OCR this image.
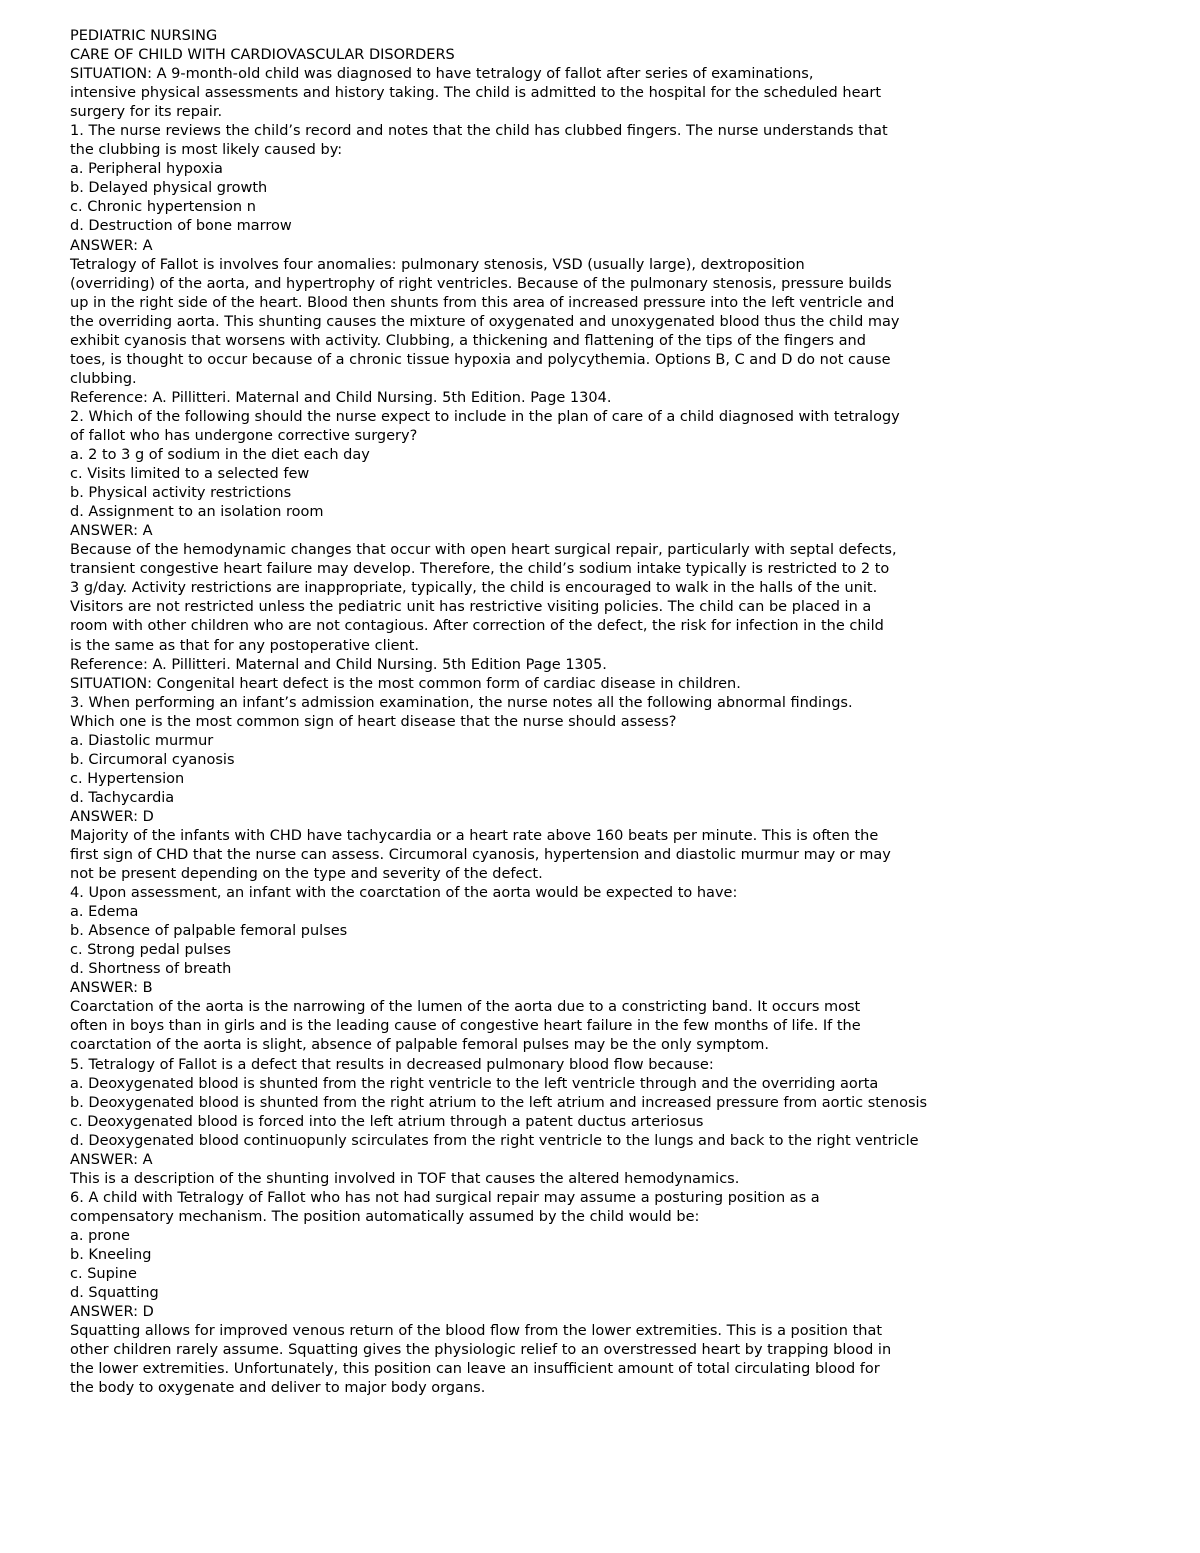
PEDIATRIC NURSING
CARE OF CHILD WITH CARDIOVASCULAR DISORDERS
SITUATION: A 9-month-old child was diagnosed to have tetralogy of fallot after series of examinations,
intensive physical assessments and history taking. The child is admitted to the hospital for the scheduled heart
surgery for its repair.
1. The nurse reviews the child’s record and notes that the child has clubbed fingers. The nurse understands that
the clubbing is most likely caused by:
a. Peripheral hypoxia
b. Delayed physical growth
c. Chronic hypertension n
d. Destruction of bone marrow
ANSWER: A
Tetralogy of Fallot is involves four anomalies: pulmonary stenosis, VSD (usually large), dextroposition
(overriding) of the aorta, and hypertrophy of right ventricles. Because of the pulmonary stenosis, pressure builds
up in the right side of the heart. Blood then shunts from this area of increased pressure into the left ventricle and
the overriding aorta. This shunting causes the mixture of oxygenated and unoxygenated blood thus the child may
exhibit cyanosis that worsens with activity. Clubbing, a thickening and flattening of the tips of the fingers and
toes, is thought to occur because of a chronic tissue hypoxia and polycythemia. Options B, C and D do not cause
clubbing.
Reference: A. Pillitteri. Maternal and Child Nursing. 5th Edition. Page 1304.
2. Which of the following should the nurse expect to include in the plan of care of a child diagnosed with tetralogy
of fallot who has undergone corrective surgery?
a. 2 to 3 g of sodium in the diet each day
c. Visits limited to a selected few
b. Physical activity restrictions
d. Assignment to an isolation room
ANSWER: A
Because of the hemodynamic changes that occur with open heart surgical repair, particularly with septal defects,
transient congestive heart failure may develop. Therefore, the child’s sodium intake typically is restricted to 2 to
3 g/day. Activity restrictions are inappropriate, typically, the child is encouraged to walk in the halls of the unit.
Visitors are not restricted unless the pediatric unit has restrictive visiting policies. The child can be placed in a
room with other children who are not contagious. After correction of the defect, the risk for infection in the child
is the same as that for any postoperative client.
Reference: A. Pillitteri. Maternal and Child Nursing. 5th Edition Page 1305.
SITUATION: Congenital heart defect is the most common form of cardiac disease in children.
3. When performing an infant’s admission examination, the nurse notes all the following abnormal findings.
Which one is the most common sign of heart disease that the nurse should assess?
a. Diastolic murmur
b. Circumoral cyanosis
c. Hypertension
d. Tachycardia
ANSWER: D
Majority of the infants with CHD have tachycardia or a heart rate above 160 beats per minute. This is often the
first sign of CHD that the nurse can assess. Circumoral cyanosis, hypertension and diastolic murmur may or may
not be present depending on the type and severity of the defect.
4. Upon assessment, an infant with the coarctation of the aorta would be expected to have:
a. Edema
b. Absence of palpable femoral pulses
c. Strong pedal pulses
d. Shortness of breath
ANSWER: B
Coarctation of the aorta is the narrowing of the lumen of the aorta due to a constricting band. It occurs most
often in boys than in girls and is the leading cause of congestive heart failure in the few months of life. If the
coarctation of the aorta is slight, absence of palpable femoral pulses may be the only symptom.
5. Tetralogy of Fallot is a defect that results in decreased pulmonary blood flow because:
a. Deoxygenated blood is shunted from the right ventricle to the left ventricle through and the overriding aorta
b. Deoxygenated blood is shunted from the right atrium to the left atrium and increased pressure from aortic stenosis
c. Deoxygenated blood is forced into the left atrium through a patent ductus arteriosus
d. Deoxygenated blood continuopunly scirculates from the right ventricle to the lungs and back to the right ventricle
ANSWER: A
This is a description of the shunting involved in TOF that causes the altered hemodynamics.
6. A child with Tetralogy of Fallot who has not had surgical repair may assume a posturing position as a
compensatory mechanism. The position automatically assumed by the child would be:
a. prone
b. Kneeling
c. Supine
d. Squatting
ANSWER: D
Squatting allows for improved venous return of the blood flow from the lower extremities. This is a position that
other children rarely assume. Squatting gives the physiologic relief to an overstressed heart by trapping blood in
the lower extremities. Unfortunately, this position can leave an insufficient amount of total circulating blood for
the body to oxygenate and deliver to major body organs.
